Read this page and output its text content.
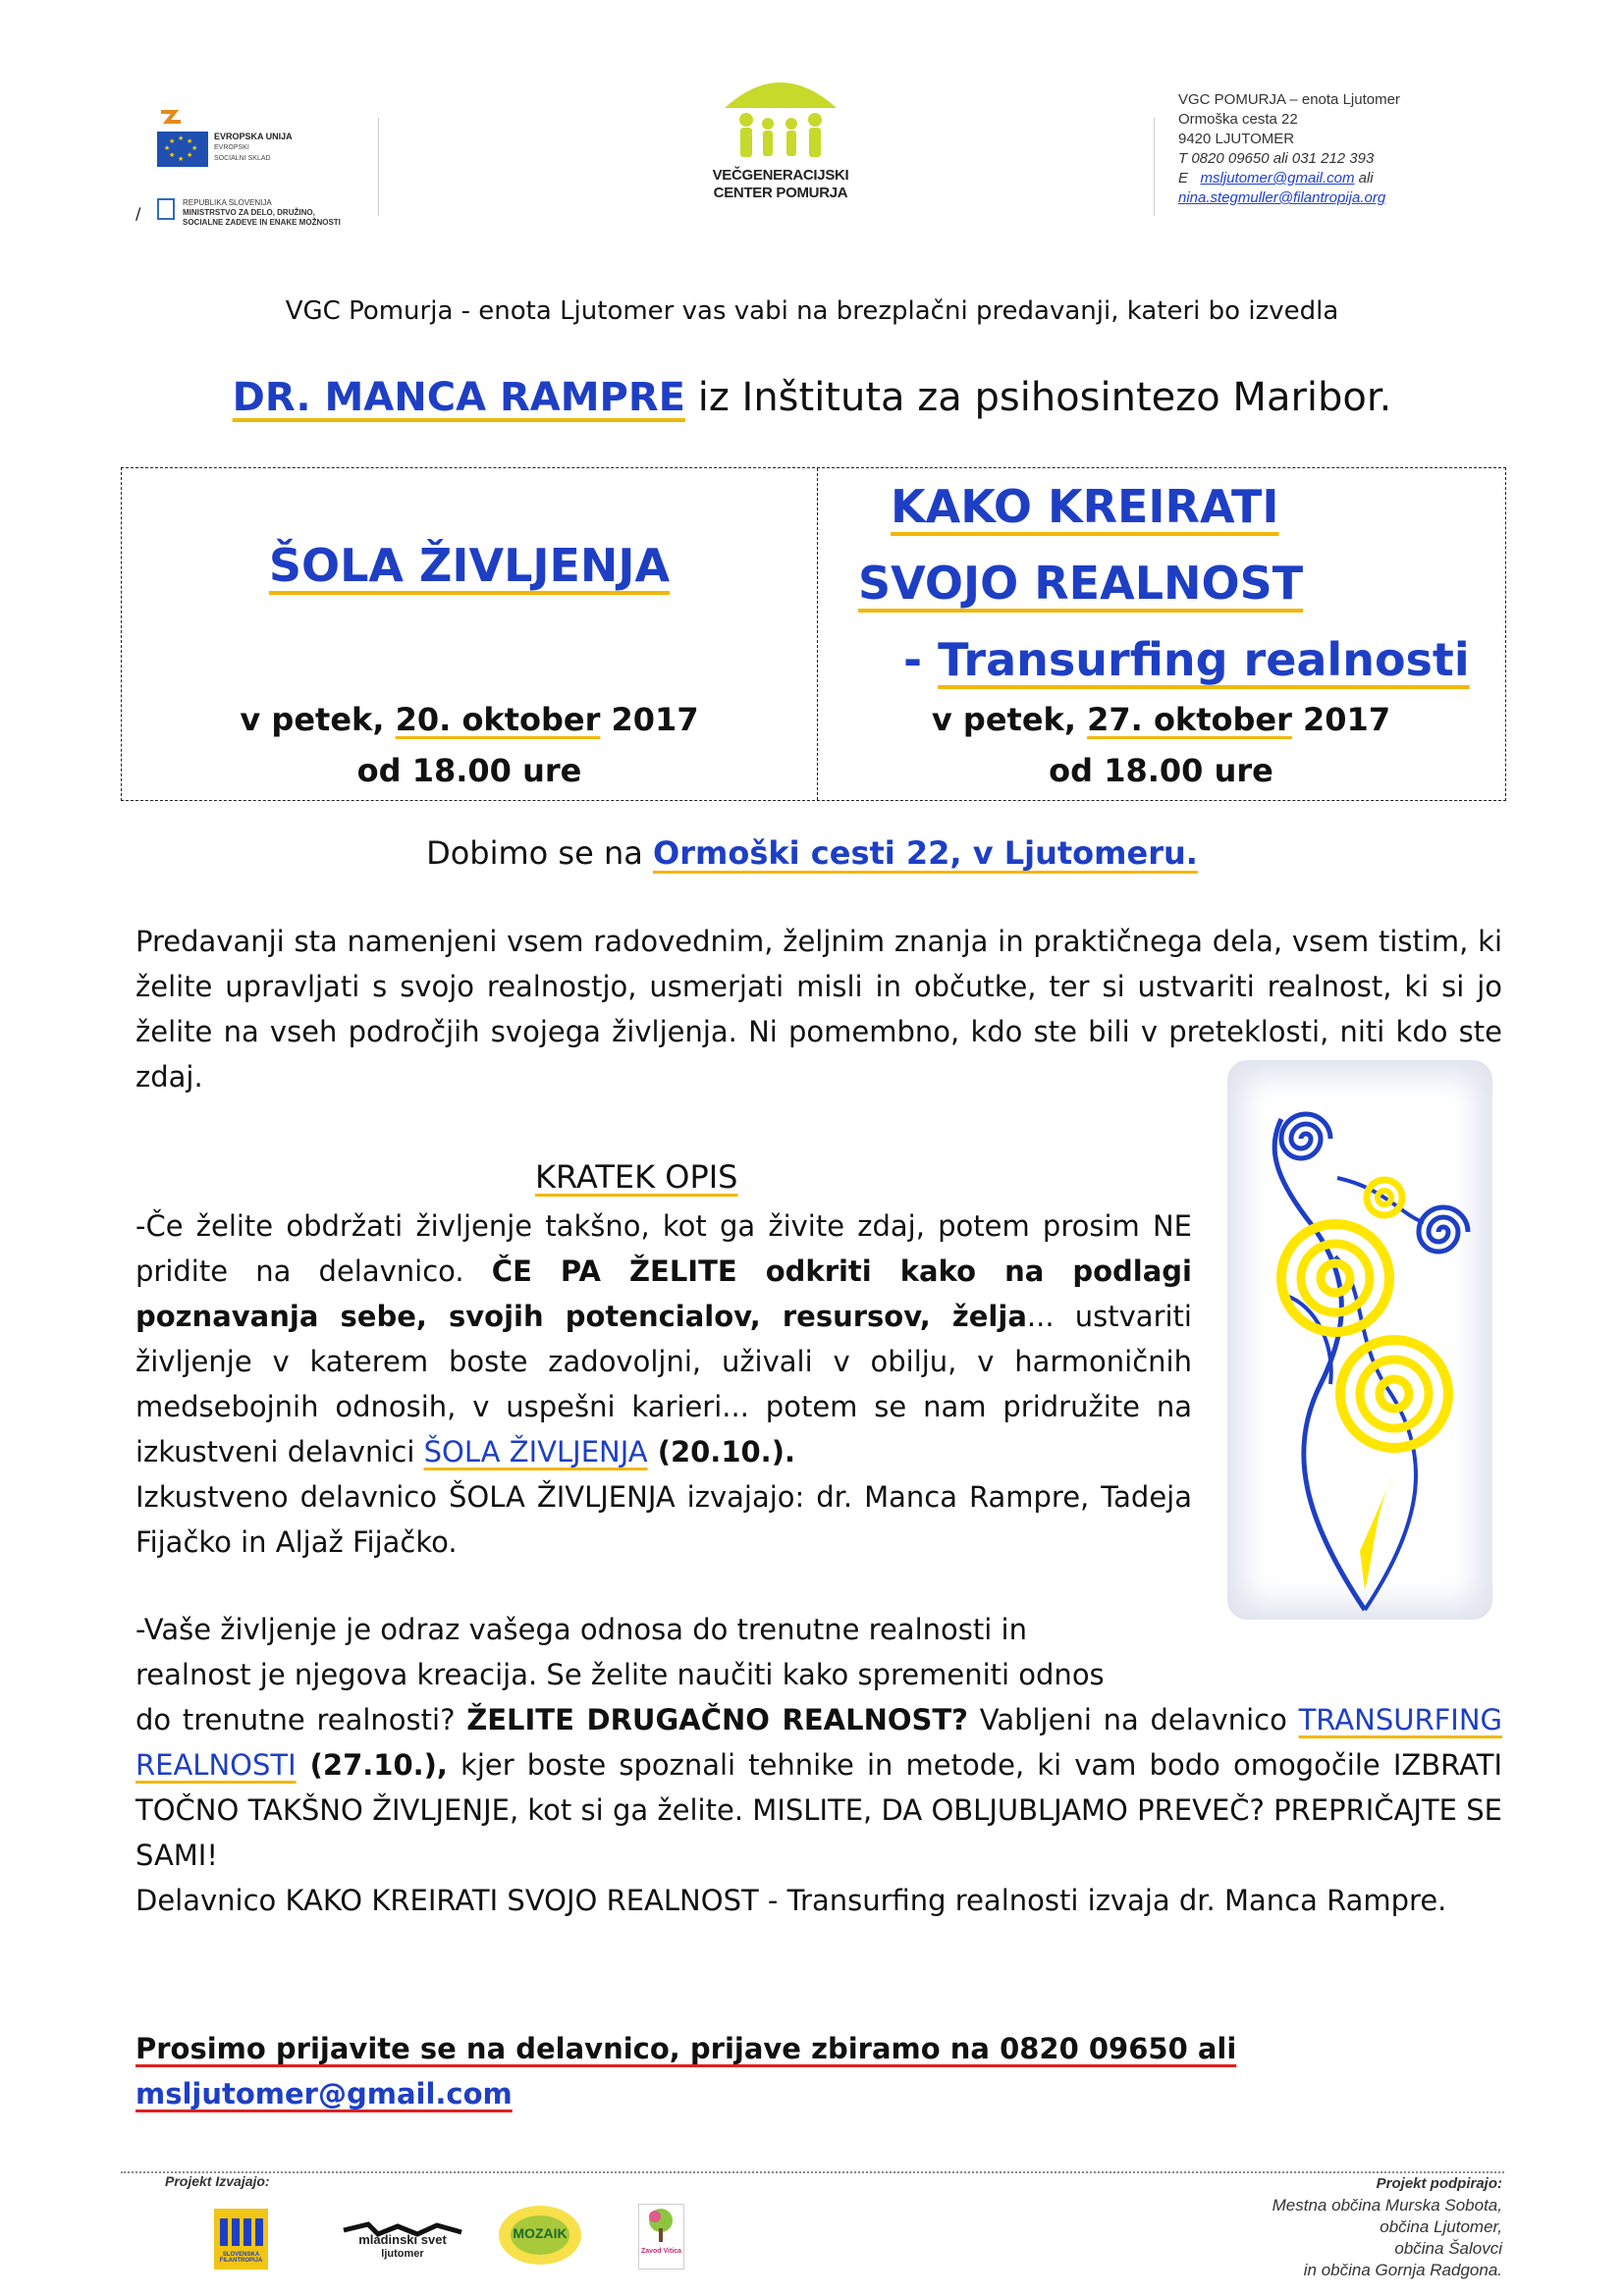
★ ★
★
★
★
★
★
★	EVROPSKA UNIJA
EVROPSKI
SOCIALNI SKLAD
REPUBLIKA SLOVENIJA
MINISTRSTVO ZA DELO, DRUŽINO,
SOCIALNE ZADEVE IN ENAKE MOŽNOSTI
/
VEČGENERACIJSKI
CENTER POMURJA
VGC POMURJA – enota Ljutomer
Ormoška cesta 22
9420 LJUTOMER
T 0820 09650 ali 031 212 393
E msljutomer@gmail.com ali
nina.stegmuller@filantropija.org
VGC Pomurja - enota Ljutomer vas vabi na brezplačni predavanji, kateri bo izvedla
DR. MANCA RAMPRE iz Inštituta za psihosintezo Maribor.
ŠOLA ŽIVLJENJA
v petek, 20. oktober 2017
od 18.00 ure
KAKO KREIRATI
SVOJO REALNOST
- Transurfing realnosti
v petek, 27. oktober 2017
od 18.00 ure
Dobimo se na Ormoški cesti 22, v Ljutomeru.
Predavanji sta namenjeni vsem radovednim, željnim znanja in praktičnega dela, vsem tistim, ki želite upravljati s svojo realnostjo, usmerjati misli in občutke, ter si ustvariti realnost, ki si jo želite na vseh področjih svojega življenja. Ni pomembno, kdo ste bili v preteklosti, niti kdo ste zdaj.
KRATEK OPIS
-Če želite obdržati življenje takšno, kot ga živite zdaj, potem prosim NE pridite na delavnico. ČE PA ŽELITE odkriti kako na podlagi poznavanja sebe, svojih potencialov, resursov, želja... ustvariti življenje v katerem boste zadovoljni, uživali v obilju, v harmoničnih medsebojnih odnosih, v uspešni karieri... potem se nam pridružite na izkustveni delavnici ŠOLA ŽIVLJENJA (20.10.).
Izkustveno delavnico ŠOLA ŽIVLJENJA izvajajo: dr. Manca Rampre, Tadeja Fijačko in Aljaž Fijačko.
-Vaše življenje je odraz vašega odnosa do trenutne realnosti in
realnost je njegova kreacija. Se želite naučiti kako spremeniti odnos
do trenutne realnosti? ŽELITE DRUGAČNO REALNOST? Vabljeni na delavnico TRANSURFING REALNOSTI (27.10.), kjer boste spoznali tehnike in metode, ki vam bodo omogočile IZBRATI TOČNO TAKŠNO ŽIVLJENJE, kot si ga želite. MISLITE, DA OBLJUBLJAMO PREVEČ? PREPRIČAJTE SE SAMI!
Delavnico KAKO KREIRATI SVOJO REALNOST - Transurfing realnosti izvaja dr. Manca Rampre.
Prosimo prijavite se na delavnico, prijave zbiramo na 0820 09650 ali
msljutomer@gmail.com
Projekt Izvajajo:
SLOVENSKA FILANTROPIJA
mladinski svet
ljutomer
MOZAIK
Zavod Vitica
Projekt podpirajo:
Mestna občina Murska Sobota,
občina Ljutomer,
občina Šalovci
in občina Gornja Radgona.
